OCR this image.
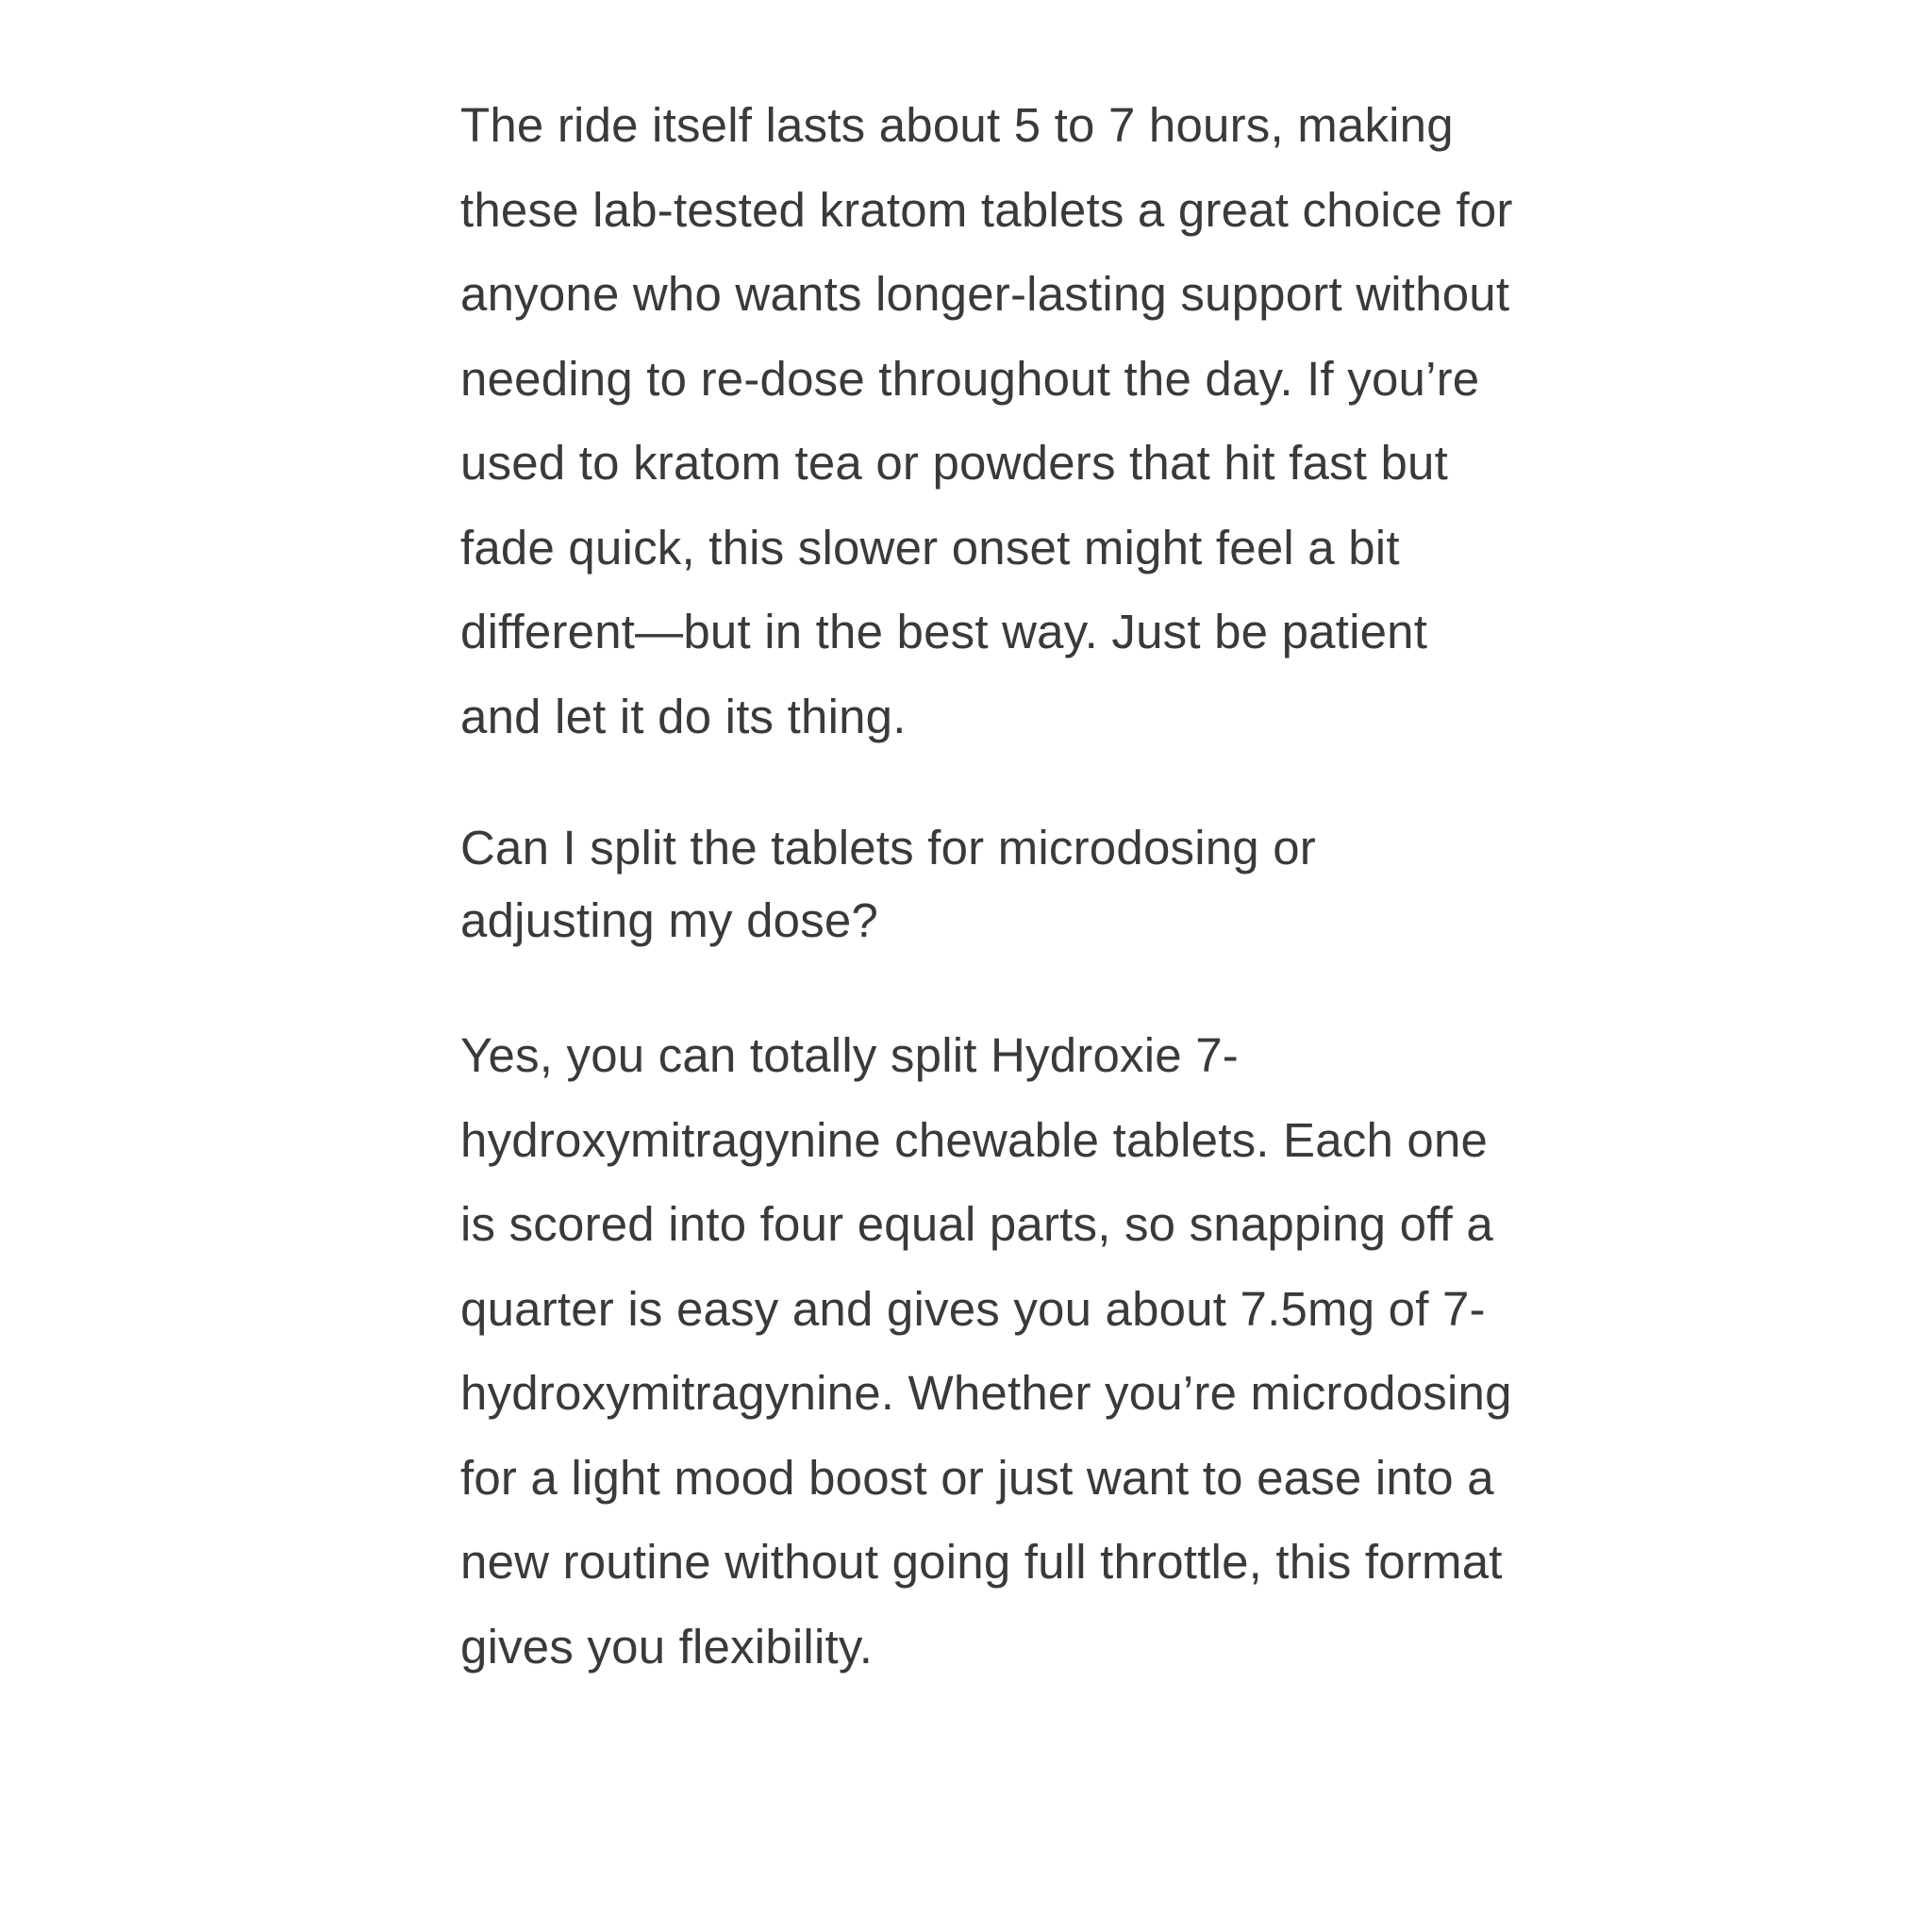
The ride itself lasts about 5 to 7 hours, making these lab-tested kratom tablets a great choice for anyone who wants longer-lasting support without needing to re-dose throughout the day. If you’re used to kratom tea or powders that hit fast but fade quick, this slower onset might feel a bit different—but in the best way. Just be patient and let it do its thing.

Can I split the tablets for microdosing or adjusting my dose?

Yes, you can totally split Hydroxie 7-hydroxymitragynine chewable tablets. Each one is scored into four equal parts, so snapping off a quarter is easy and gives you about 7.5mg of 7-hydroxymitragynine. Whether you’re microdosing for a light mood boost or just want to ease into a new routine without going full throttle, this format gives you flexibility.
